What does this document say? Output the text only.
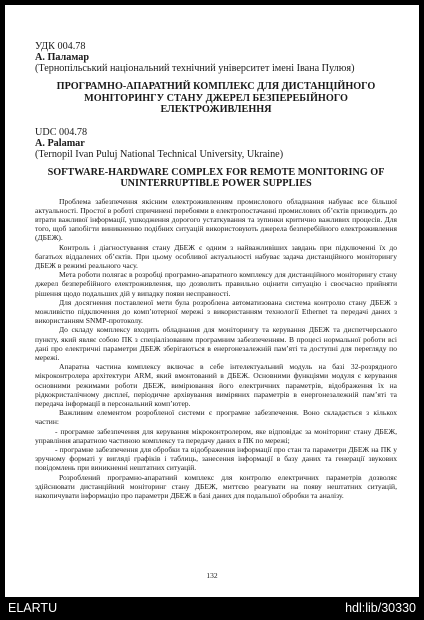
УДК 004.78
А. Паламар
(Тернопільський національний технічний університет імені Івана Пулюя)
ПРОГРАМНО-АПАРАТНИЙ КОМПЛЕКС ДЛЯ ДИСТАНЦІЙНОГО МОНІТОРИНГУ СТАНУ ДЖЕРЕЛ БЕЗПЕРЕБІЙНОГО ЕЛЕКТРОЖИВЛЕННЯ
UDC 004.78
A. Palamar
(Ternopil Ivan Puluj National Technical University, Ukraine)
SOFTWARE-HARDWARE COMPLEX FOR REMOTE MONITORING OF UNINTERRUPTIBLE POWER SUPPLIES

Проблема забезпечення якісним електроживленням промислового обладнання набуває все більшої актуальності. Простої в роботі спричинені перебоями в електропостачанні промислових об’єктів призводить до втрати важливої інформації, ушкодження дорогого устаткування та зупинки критично важливих процесів. Для того, щоб запобігти виникненню подібних ситуацій використовують джерела безперебійного електроживлення (ДБЕЖ).

Контроль і діагностування стану ДБЕЖ є одним з найважливіших завдань при підключенні їх до багатьох віддалених об’єктів. При цьому особливої актуальності набуває задача дистанційного моніторингу ДБЕЖ в режимі реального часу.

Мета роботи полягає в розробці програмно-апаратного комплексу для дистанційного моніторингу стану джерел безперебійного електроживлення, що дозволить правильно оцінити ситуацію і своєчасно прийняти рішення щодо подальших дій у випадку появи несправності.

Для досягнення поставленої мети була розроблена автоматизована система контролю стану ДБЕЖ з можливістю підключення до комп’ютерної мережі з використанням технології Ethernet та передачі даних з використанням SNMP-протоколу.

До складу комплексу входить обладнання для моніторингу та керування ДБЕЖ та диспетчерського пункту, який являє собою ПК з спеціалізованим програмним забезпеченням. В процесі нормальної роботи всі дані про електричні параметри ДБЕЖ зберігаються в енергонезалежній пам’яті та доступні для перегляду по мережі.

Апаратна частина комплексу включає в себе інтелектуальний модуль на базі 32-розрядного мікроконтролера архітектури ARM, який вмонтований в ДБЕЖ. Основними функціями модуля є керування основними режимами роботи ДБЕЖ, вимірювання його електричних параметрів, відображення їх на рідкокристалічному дисплеї, періодичне архівування виміряних параметрів в енергонезалежній пам’яті та передача інформації в персональний комп’ютер.

Важливим елементом розробленої системи є програмне забезпечення. Воно складається з кількох частин:

- програмне забезпечення для керування мікроконтролером, яке відповідає за моніторинг стану ДБЕЖ, управління апаратною частиною комплексу та передачу даних в ПК по мережі;

- програмне забезпечення для обробки та відображення інформації про стан та параметри ДБЕЖ на ПК у зручному форматі у вигляді графіків і таблиць, занесення інформації в базу даних та генерації звукових повідомлень при виникненні нештатних ситуацій.

Розроблений програмно-апаратний комплекс для контролю електричних параметрів дозволяє здійснювати дистанційний моніторинг стану ДБЕЖ, миттєво реагувати на появу нештатних ситуацій, накопичувати інформацію про параметри ДБЕЖ в базі даних для подальшої обробки та аналізу.

132
ELARTU	hdl:lib/30330
